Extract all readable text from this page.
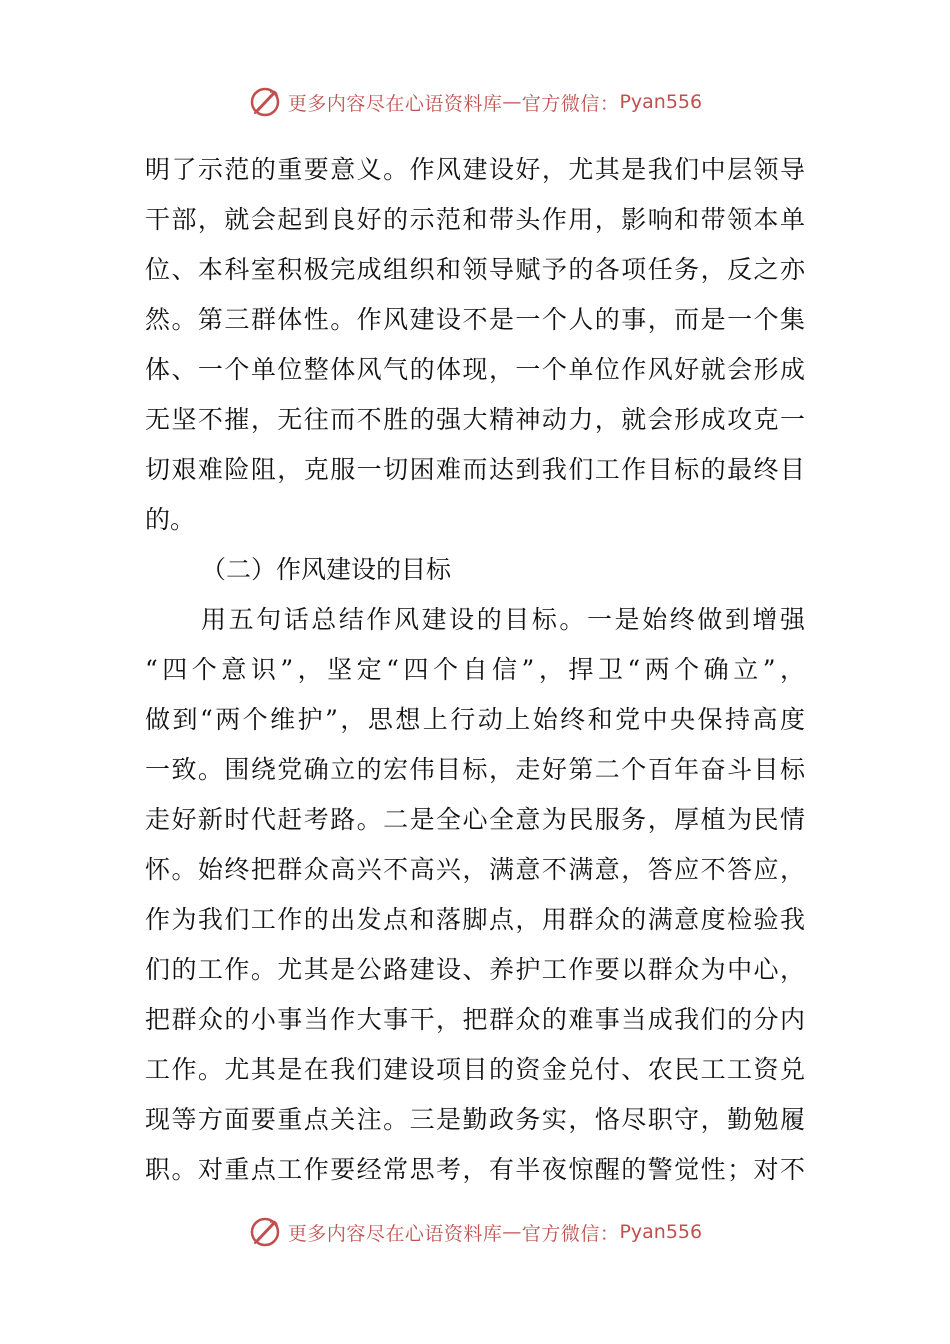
更多内容尽在心语资料库 — 官方微信： Pyan556
明了示范的重要意义。作风建设好，尤其是我们中层领导
干部，就会起到良好的示范和带头作用，影响和带领本单
位、本科室积极完成组织和领导赋予的各项任务，反之亦
然。第三群体性。作风建设不是一个人的事，而是一个集
体、一个单位整体风气的体现，一个单位作风好就会形成
无坚不摧，无往而不胜的强大精神动力，就会形成攻克一
切艰难险阻，克服一切困难而达到我们工作目标的最终目
的。
（二）作风建设的目标
用五句话总结作风建设的目标。一是始终做到增强
“四个意识”，坚定“四个自信”，捍卫“两个确立”，
做到“两个维护”，思想上行动上始终和党中央保持高度
一致。围绕党确立的宏伟目标，走好第二个百年奋斗目标
走好新时代赶考路。二是全心全意为民服务，厚植为民情
怀。始终把群众高兴不高兴，满意不满意，答应不答应，
作为我们工作的出发点和落脚点，用群众的满意度检验我
们的工作。尤其是公路建设、养护工作要以群众为中心，
把群众的小事当作大事干，把群众的难事当成我们的分内
工作。尤其是在我们建设项目的资金兑付、农民工工资兑
现等方面要重点关注。三是勤政务实，恪尽职守，勤勉履
职。对重点工作要经常思考，有半夜惊醒的警觉性；对不
更多内容尽在心语资料库 — 官方微信： Pyan556
